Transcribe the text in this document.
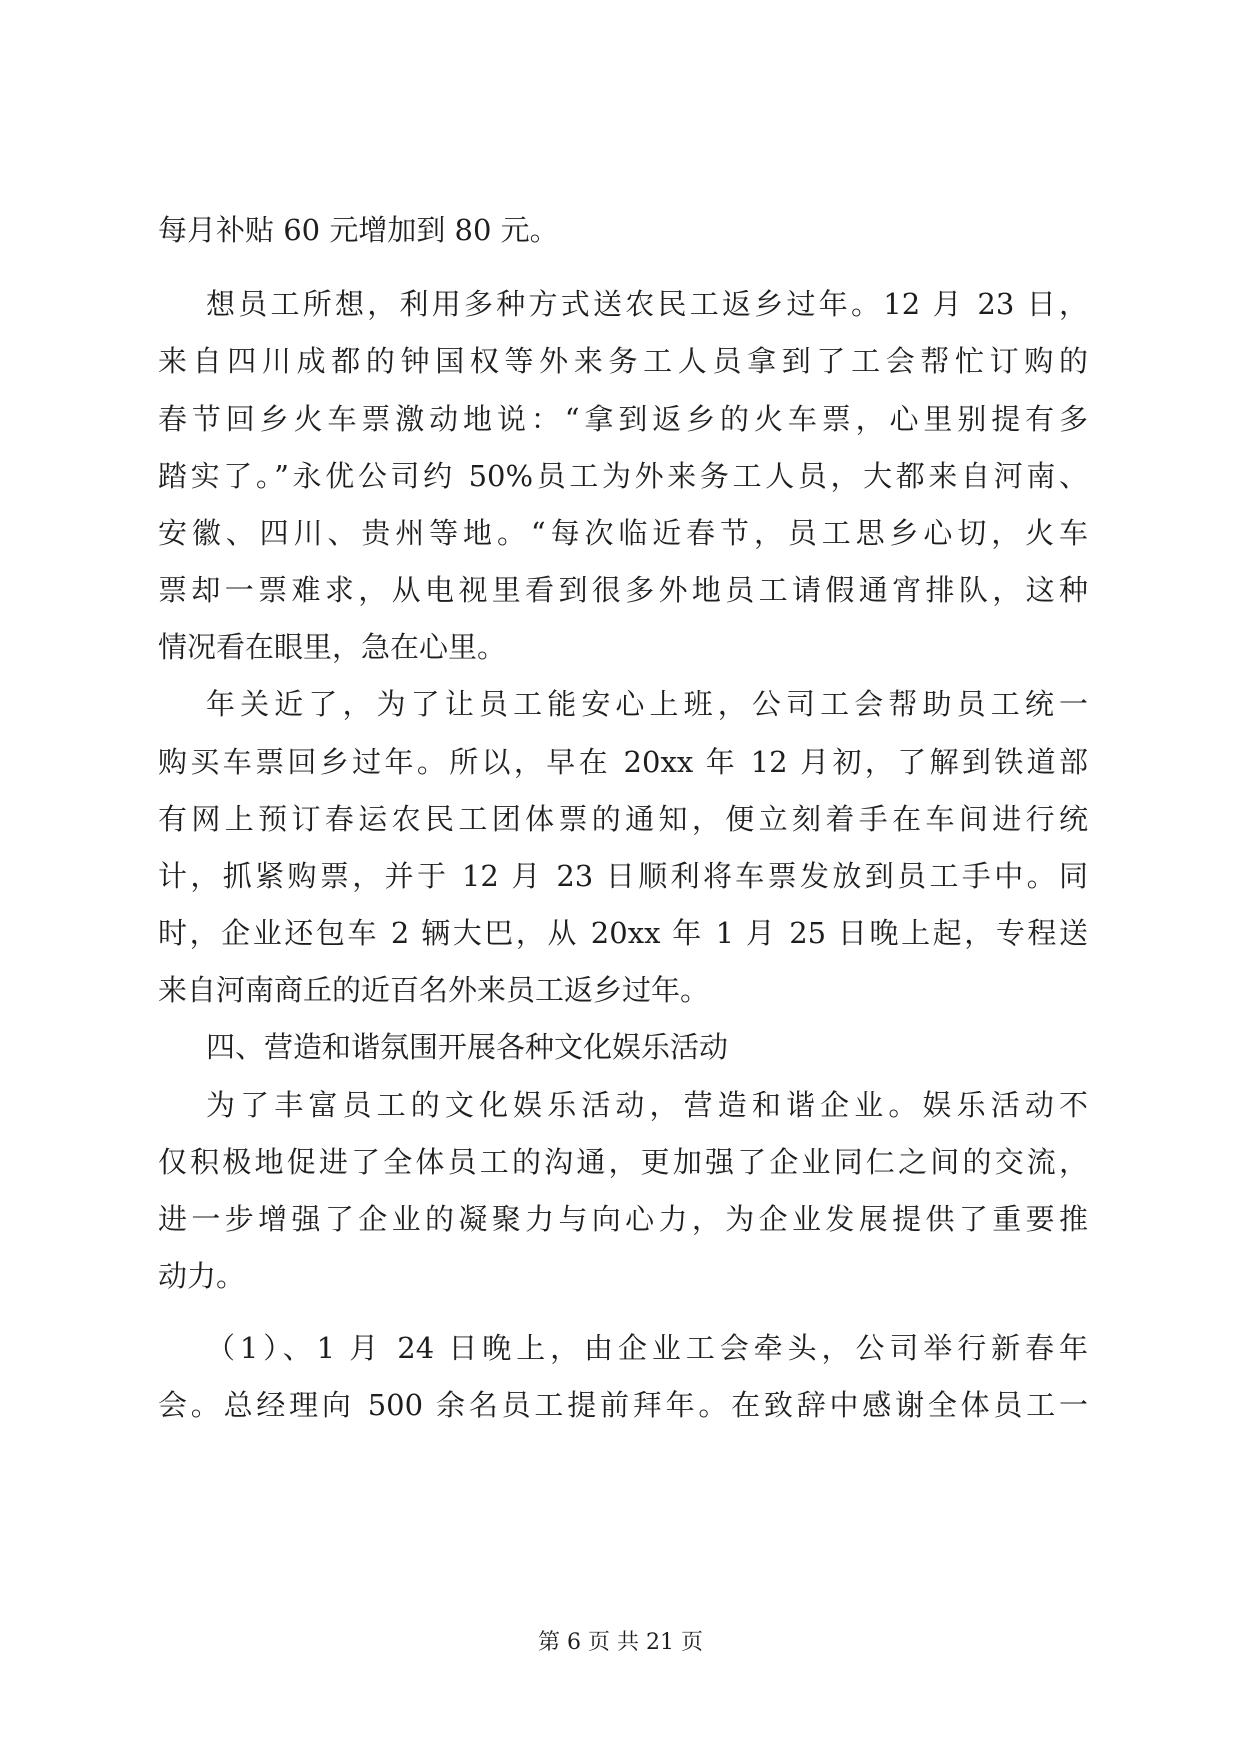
每月补贴 60 元增加到 80 元。
想员工所想，利用多种方式送农民工返乡过年。12 月 23 日，
来自四川成都的钟国权等外来务工人员拿到了工会帮忙订购的
春节回乡火车票激动地说：“拿到返乡的火车票，心里别提有多
踏实了。”永优公司约 50%员工为外来务工人员，大都来自河南、
安徽、四川、贵州等地。“每次临近春节，员工思乡心切，火车
票却一票难求，从电视里看到很多外地员工请假通宵排队，这种
情况看在眼里，急在心里。
年关近了，为了让员工能安心上班，公司工会帮助员工统一
购买车票回乡过年。所以，早在 20xx 年 12 月初，了解到铁道部
有网上预订春运农民工团体票的通知，便立刻着手在车间进行统
计，抓紧购票，并于 12 月 23 日顺利将车票发放到员工手中。同
时，企业还包车 2 辆大巴，从 20xx 年 1 月 25 日晚上起，专程送
来自河南商丘的近百名外来员工返乡过年。
四、营造和谐氛围开展各种文化娱乐活动
为了丰富员工的文化娱乐活动，营造和谐企业。娱乐活动不
仅积极地促进了全体员工的沟通，更加强了企业同仁之间的交流，
进一步增强了企业的凝聚力与向心力，为企业发展提供了重要推
动力。
（1）、1 月 24 日晚上，由企业工会牵头，公司举行新春年
会。总经理向 500 余名员工提前拜年。在致辞中感谢全体员工一
第 6 页 共 21 页
